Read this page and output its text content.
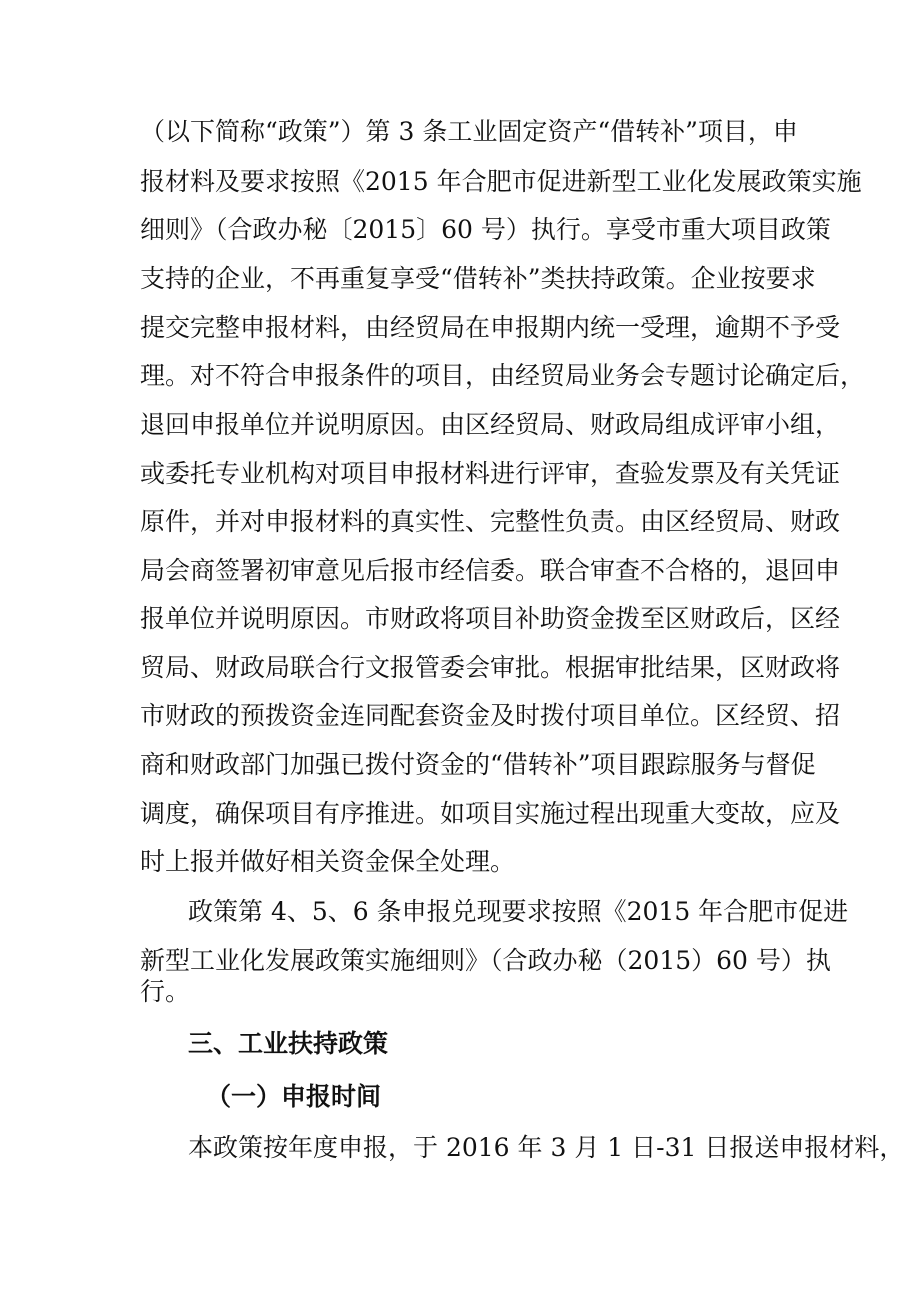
（以下简称“政策”）第 3 条工业固定资产“借转补”项目，申

报材料及要求按照《2015 年合肥市促进新型工业化发展政策实施

细则》（合政办秘〔2015〕60 号）执行。享受市重大项目政策

支持的企业，不再重复享受“借转补”类扶持政策。企业按要求

提交完整申报材料，由经贸局在申报期内统一受理，逾期不予受

理。对不符合申报条件的项目，由经贸局业务会专题讨论确定后，

退回申报单位并说明原因。由区经贸局、财政局组成评审小组，

或委托专业机构对项目申报材料进行评审，查验发票及有关凭证

原件，并对申报材料的真实性、完整性负责。由区经贸局、财政

局会商签署初审意见后报市经信委。联合审查不合格的，退回申

报单位并说明原因。市财政将项目补助资金拨至区财政后，区经

贸局、财政局联合行文报管委会审批。根据审批结果，区财政将

市财政的预拨资金连同配套资金及时拨付项目单位。区经贸、招

商和财政部门加强已拨付资金的“借转补”项目跟踪服务与督促

调度，确保项目有序推进。如项目实施过程出现重大变故，应及

时上报并做好相关资金保全处理。

政策第 4、5、6 条申报兑现要求按照《2015 年合肥市促进

新型工业化发展政策实施细则》（合政办秘（2015）60 号）执

行。

三、工业扶持政策
（一）申报时间

本政策按年度申报，于 2016 年 3 月 1 日-31 日报送申报材料，
